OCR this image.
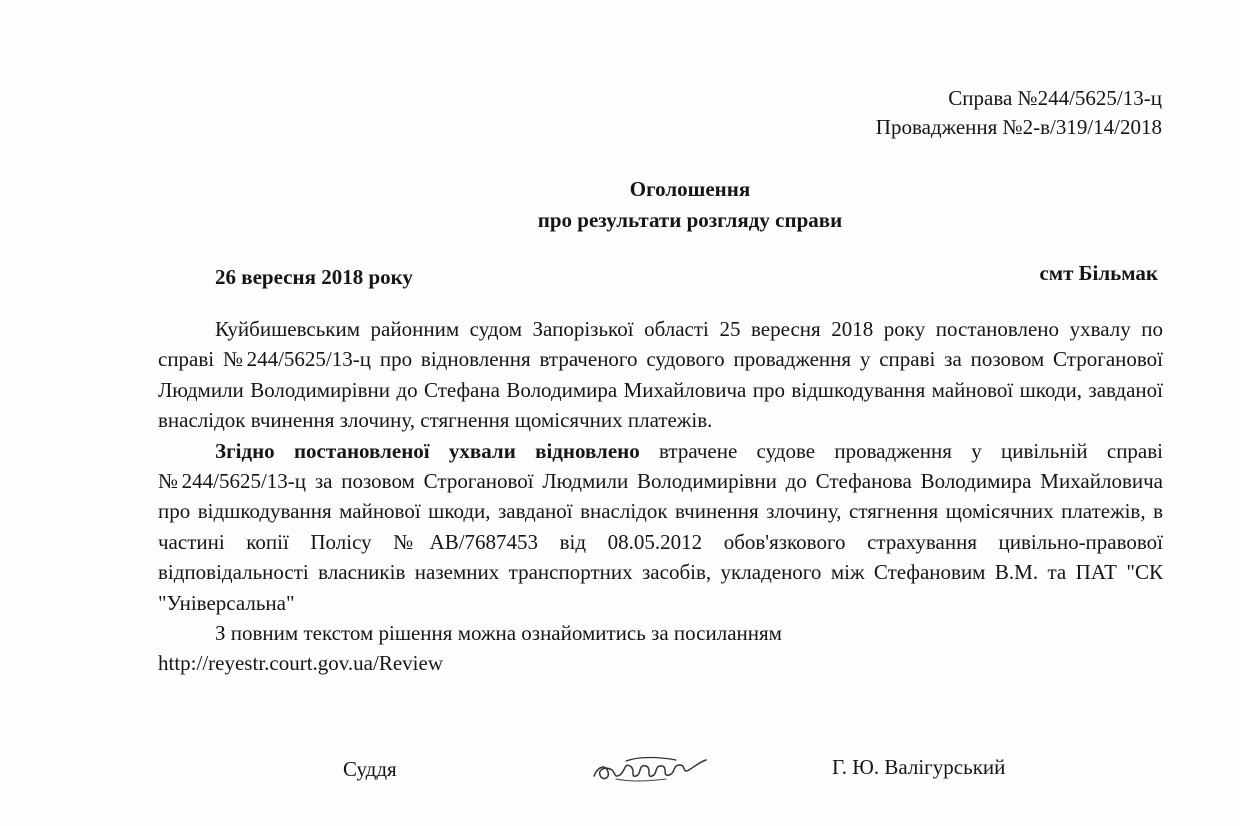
Справа №244/5625/13-ц
Провадження №2-в/319/14/2018
Оголошення
про результати розгляду справи
26 вересня 2018 року	смт Більмак

Куйбишевським районним судом Запорізької області 25 вересня 2018 року постановлено ухвалу по справі №244/5625/13-ц про відновлення втраченого судового провадження у справі за позовом Строганової Людмили Володимирівни до Стефана Володимира Михайловича про відшкодування майнової шкоди, завданої внаслідок вчинення злочину, стягнення щомісячних платежів.

Згідно постановленої ухвали відновлено втрачене судове провадження у цивільній справі №244/5625/13-ц за позовом Строганової Людмили Володимирівни до Стефанова Володимира Михайловича про відшкодування майнової шкоди, завданої внаслідок вчинення злочину, стягнення щомісячних платежів, в частині копії Полісу №АВ/7687453 від 08.05.2012 обов'язкового страхування цивільно-правової відповідальності власників наземних транспортних засобів, укладеного між Стефановим В.М. та ПАТ "СК "Універсальна"

З повним текстом рішення можна ознайомитись за посиланням

http://reyestr.court.gov.ua/Review

Суддя	Г. Ю. Валігурський
